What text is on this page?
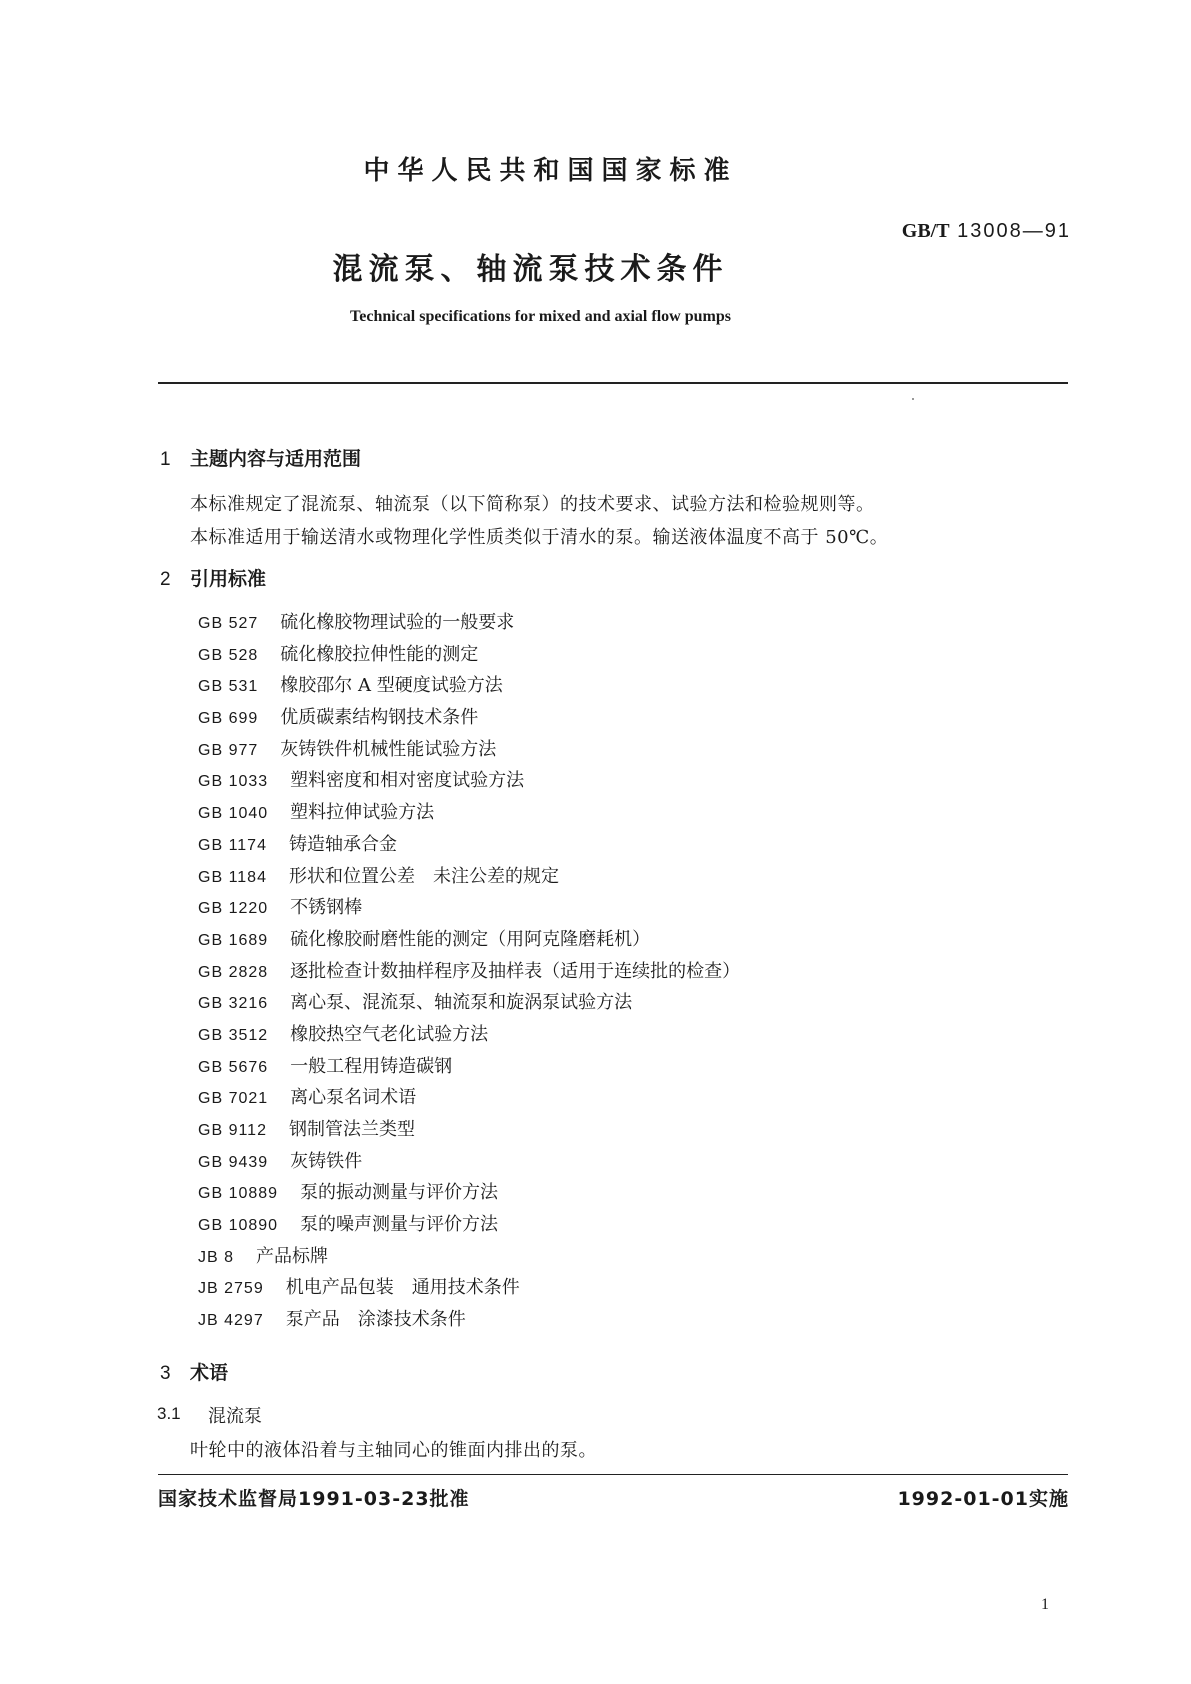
中华人民共和国国家标准
GB/T 13008—91
混流泵、轴流泵技术条件
Technical specifications for mixed and axial flow pumps
1 主题内容与适用范围
本标准规定了混流泵、轴流泵（以下简称泵）的技术要求、试验方法和检验规则等。
本标准适用于输送清水或物理化学性质类似于清水的泵。输送液体温度不高于 50℃。
2 引用标准
GB 527 硫化橡胶物理试验的一般要求
GB 528 硫化橡胶拉伸性能的测定
GB 531 橡胶邵尔 A 型硬度试验方法
GB 699 优质碳素结构钢技术条件
GB 977 灰铸铁件机械性能试验方法
GB 1033 塑料密度和相对密度试验方法
GB 1040 塑料拉伸试验方法
GB 1174 铸造轴承合金
GB 1184 形状和位置公差　未注公差的规定
GB 1220 不锈钢棒
GB 1689 硫化橡胶耐磨性能的测定（用阿克隆磨耗机）
GB 2828 逐批检查计数抽样程序及抽样表（适用于连续批的检查）
GB 3216 离心泵、混流泵、轴流泵和旋涡泵试验方法
GB 3512 橡胶热空气老化试验方法
GB 5676 一般工程用铸造碳钢
GB 7021 离心泵名词术语
GB 9112 钢制管法兰类型
GB 9439 灰铸铁件
GB 10889 泵的振动测量与评价方法
GB 10890 泵的噪声测量与评价方法
JB 8 产品标牌
JB 2759 机电产品包装　通用技术条件
JB 4297 泵产品　涂漆技术条件
3 术语
3.1 混流泵
叶轮中的液体沿着与主轴同心的锥面内排出的泵。
国家技术监督局1991-03-23批准	1992-01-01实施
1
